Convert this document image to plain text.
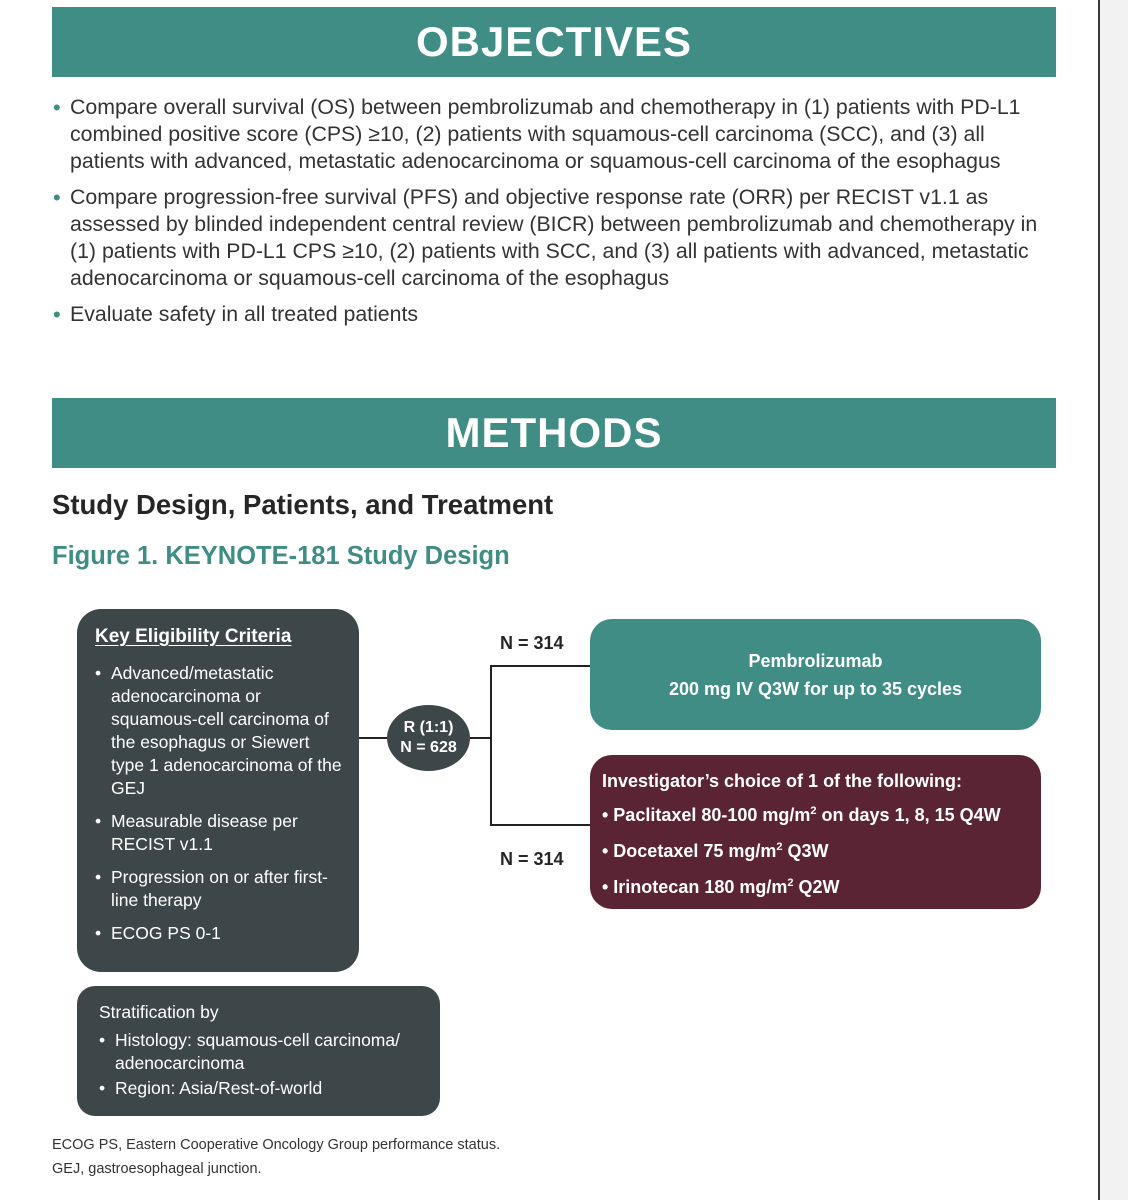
OBJECTIVES
• Compare overall survival (OS) between pembrolizumab and chemotherapy in (1) patients with PD-L1 combined positive score (CPS) ≥10, (2) patients with squamous-cell carcinoma (SCC), and (3) all patients with advanced, metastatic adenocarcinoma or squamous-cell carcinoma of the esophagus
• Compare progression-free survival (PFS) and objective response rate (ORR) per RECIST v1.1 as assessed by blinded independent central review (BICR) between pembrolizumab and chemotherapy in (1) patients with PD-L1 CPS ≥10, (2) patients with SCC, and (3) all patients with advanced, metastatic adenocarcinoma or squamous-cell carcinoma of the esophagus
• Evaluate safety in all treated patients
METHODS
Study Design, Patients, and Treatment
Figure 1. KEYNOTE-181 Study Design
Key Eligibility Criteria
• Advanced/metastatic adenocarcinoma or squamous-cell carcinoma of the esophagus or Siewert type 1 adenocarcinoma of the GEJ
• Measurable disease per RECIST v1.1
• Progression on or after first-line therapy
• ECOG PS 0-1
Stratification by
• Histology: squamous-cell carcinoma/ adenocarcinoma
• Region: Asia/Rest-of-world
R (1:1)
N = 628
N = 314
N = 314
Pembrolizumab
200 mg IV Q3W for up to 35 cycles
Investigator’s choice of 1 of the following:
• Paclitaxel 80-100 $mg/m^2$ on days 1, 8, 15 Q4W
• Docetaxel 75 $mg/m^2$ Q3W
• Irinotecan 180 $mg/m^2$ Q2W
ECOG PS, Eastern Cooperative Oncology Group performance status.
GEJ, gastroesophageal junction.
